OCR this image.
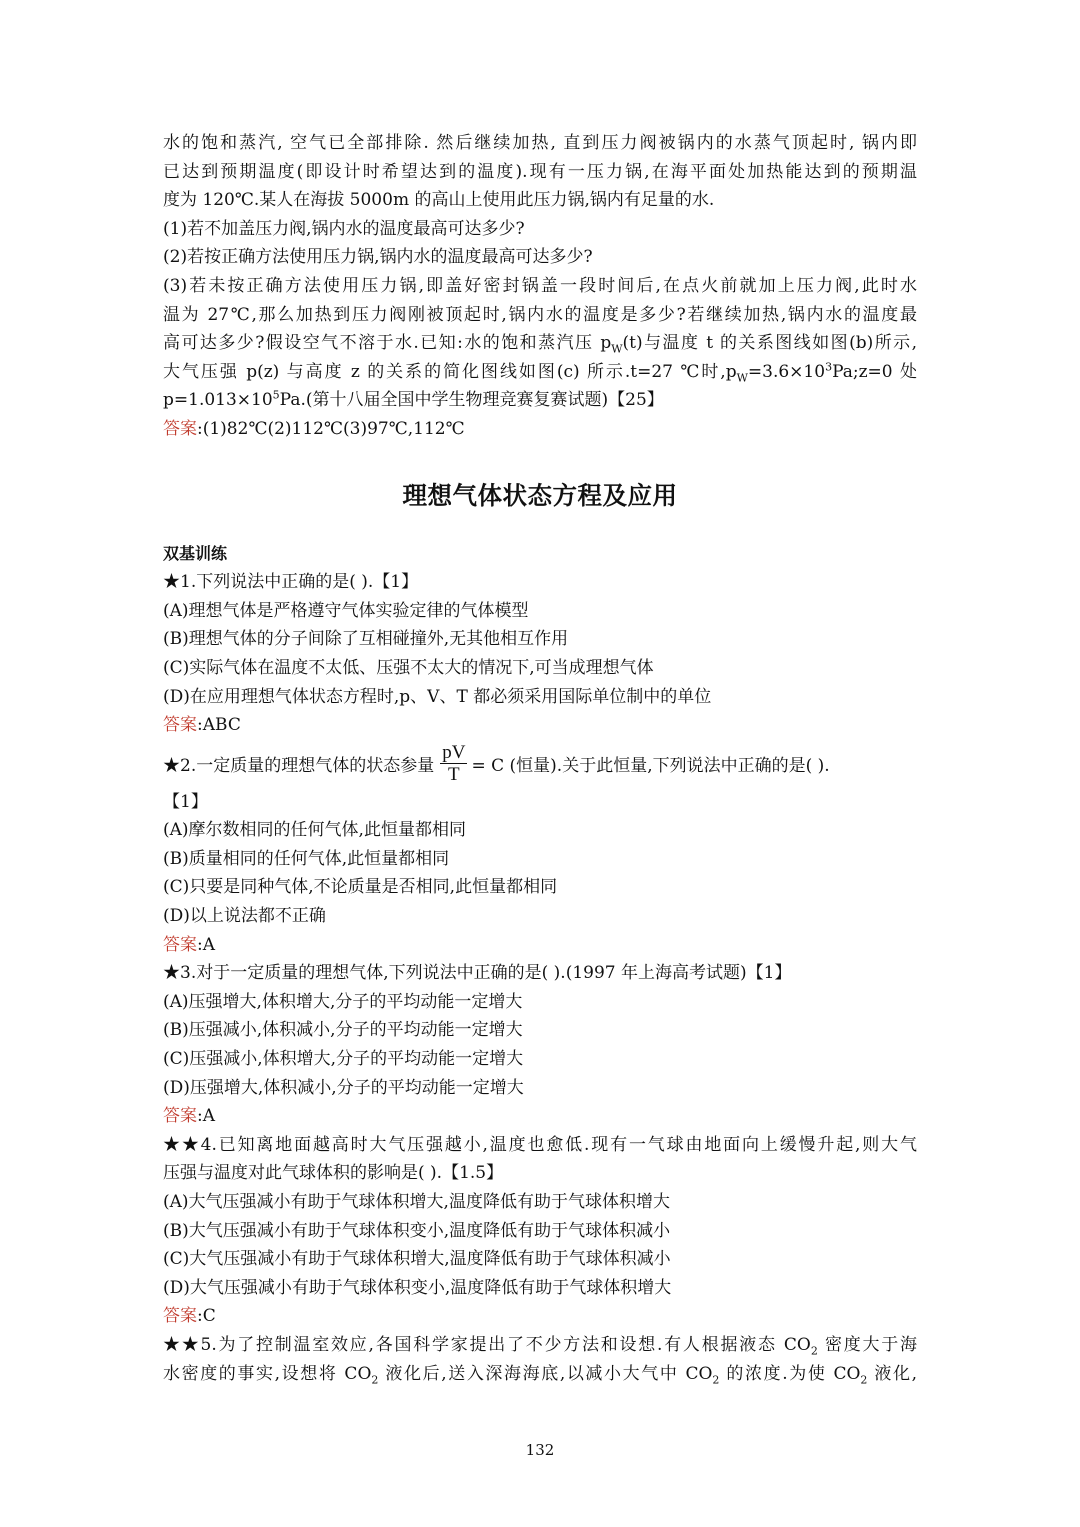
水的饱和蒸汽, 空气已全部排除. 然后继续加热, 直到压力阀被锅内的水蒸气顶起时, 锅内即
已达到预期温度(即设计时希望达到的温度).现有一压力锅,在海平面处加热能达到的预期温
度为 120℃.某人在海拔 5000m 的高山上使用此压力锅,锅内有足量的水.
(1)若不加盖压力阀,锅内水的温度最高可达多少?
(2)若按正确方法使用压力锅,锅内水的温度最高可达多少?
(3)若未按正确方法使用压力锅,即盖好密封锅盖一段时间后,在点火前就加上压力阀,此时水
温为 27℃,那么加热到压力阀刚被顶起时,锅内水的温度是多少?若继续加热,锅内水的温度最
高可达多少?假设空气不溶于水.已知:水的饱和蒸汽压 $p_W(t)$与温度 t 的关系图线如图(b)所示,
大气压强 p(z) 与高度 z 的关系的简化图线如图(c) 所示.t=27 ℃时$,p_W=3.6\times 10^3Pa;z=0$ 处
$p=1.013\times 10^5Pa$.(第十八届全国中学生物理竞赛复赛试题)【25】
答案:(1)82℃(2)112℃(3)97℃,112℃
理想气体状态方程及应用
双基训练
★1.下列说法中正确的是( ).【1】
(A)理想气体是严格遵守气体实验定律的气体模型
(B)理想气体的分子间除了互相碰撞外,无其他相互作用
(C)实际气体在温度不太低、压强不太大的情况下,可当成理想气体
(D)在应用理想气体状态方程时,p、V、T 都必须采用国际单位制中的单位
答案:ABC
★2.一定质量的理想气体的状态参量 $\frac{pV}{T} = C$ (恒量).关于此恒量,下列说法中正确的是( ).
【1】
(A)摩尔数相同的任何气体,此恒量都相同
(B)质量相同的任何气体,此恒量都相同
(C)只要是同种气体,不论质量是否相同,此恒量都相同
(D)以上说法都不正确
答案:A
★3.对于一定质量的理想气体,下列说法中正确的是( ).(1997 年上海高考试题)【1】
(A)压强增大,体积增大,分子的平均动能一定增大
(B)压强减小,体积减小,分子的平均动能一定增大
(C)压强减小,体积增大,分子的平均动能一定增大
(D)压强增大,体积减小,分子的平均动能一定增大
答案:A
★★4.已知离地面越高时大气压强越小,温度也愈低.现有一气球由地面向上缓慢升起,则大气
压强与温度对此气球体积的影响是( ).【1.5】
(A)大气压强减小有助于气球体积增大,温度降低有助于气球体积增大
(B)大气压强减小有助于气球体积变小,温度降低有助于气球体积减小
(C)大气压强减小有助于气球体积增大,温度降低有助于气球体积减小
(D)大气压强减小有助于气球体积变小,温度降低有助于气球体积增大
答案:C
★★5.为了控制温室效应,各国科学家提出了不少方法和设想.有人根据液态 $CO_2$ 密度大于海
水密度的事实,设想将 $CO_2$ 液化后,送入深海海底,以减小大气中 $CO_2$ 的浓度.为使 $CO_2$ 液化,
132
